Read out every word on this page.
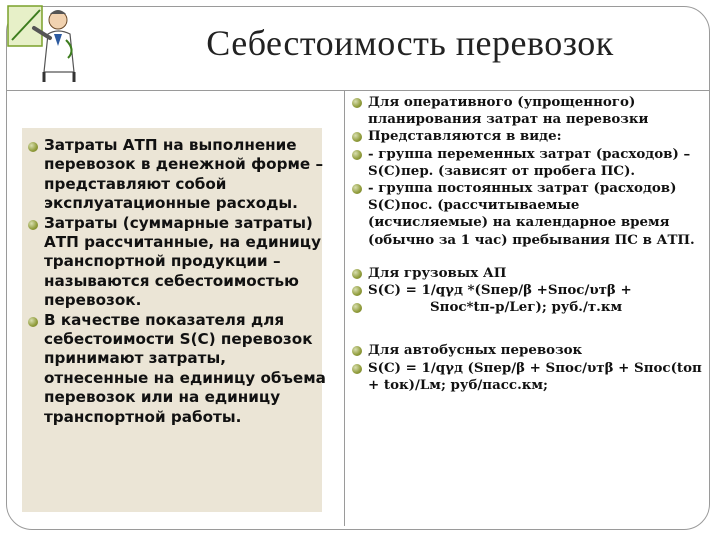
Себестоимость перевозок
Затраты АТП на выполнение перевозок в денежной форме – представляют собой эксплуатационные расходы.
Затраты (суммарные затраты) АТП рассчитанные, на единицу транспортной продукции – называются себестоимостью перевозок.
В качестве показателя для себестоимости S(С) перевозок принимают затраты, отнесенные на единицу объема перевозок или на единицу транспортной работы.
Для оперативного (упрощенного) планирования затрат на перевозки
Представляются в виде:
- группа переменных затрат (расходов) – S(С)пер. (зависят от пробега ПС).
- группа постоянных затрат (расходов) S(С)пос. (рассчитываемые (исчисляемые) на календарное время (обычно за 1 час) пребывания ПС в АТП.
Для грузовых АП
S(C) = 1/qγд *(Sпер/β +Sпос/υтβ +
Sпос*tп-р/Lег); руб./т.км
Для автобусных перевозок
S(C) = 1/qγд (Sпер/β + Sпос/υтβ + Sпос(tоп + tок)/Lм; руб/пасс.км;
